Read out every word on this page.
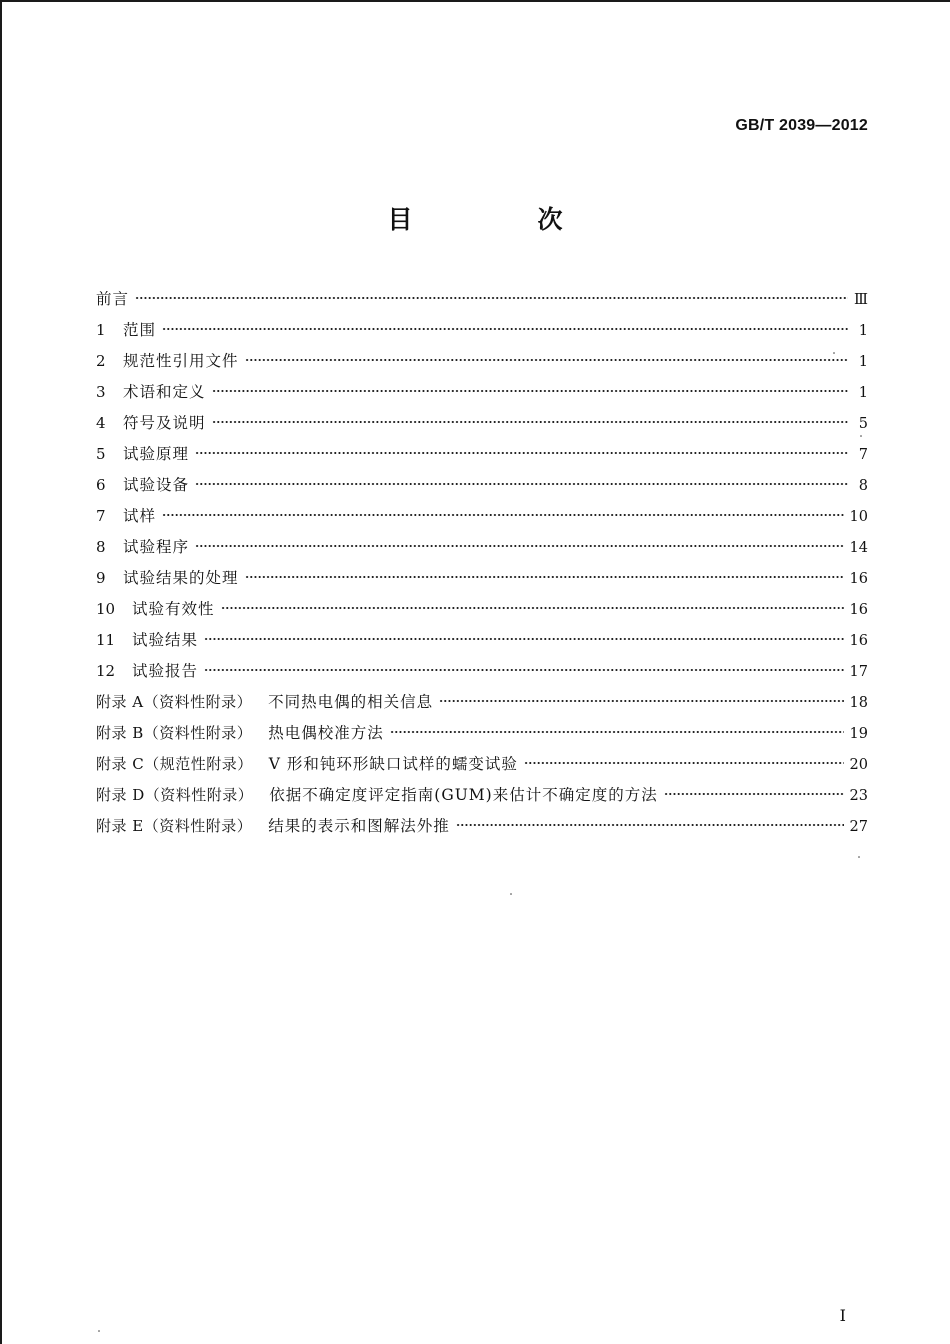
GB/T 2039—2012
目　次
前言	Ⅲ
1	范围	1
2	规范性引用文件	1
3	术语和定义	1
4	符号及说明	5
5	试验原理	7
6	试验设备	8
7	试样	10
8	试验程序	14
9	试验结果的处理	16
10	试验有效性	16
11	试验结果	16
12	试验报告	17
附录 A（资料性附录）	不同热电偶的相关信息	18
附录 B（资料性附录）	热电偶校准方法	19
附录 C（规范性附录）	V 形和钝环形缺口试样的蠕变试验	20
附录 D（资料性附录）	依据不确定度评定指南(GUM)来估计不确定度的方法	23
附录 E（资料性附录）	结果的表示和图解法外推	27
I
